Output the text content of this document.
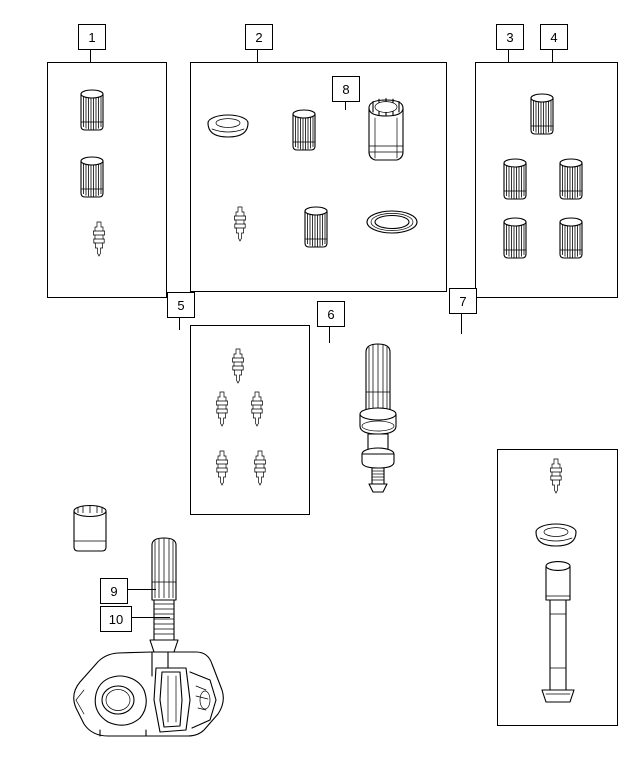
1	2	3	4
5
6
7
8
9
10
